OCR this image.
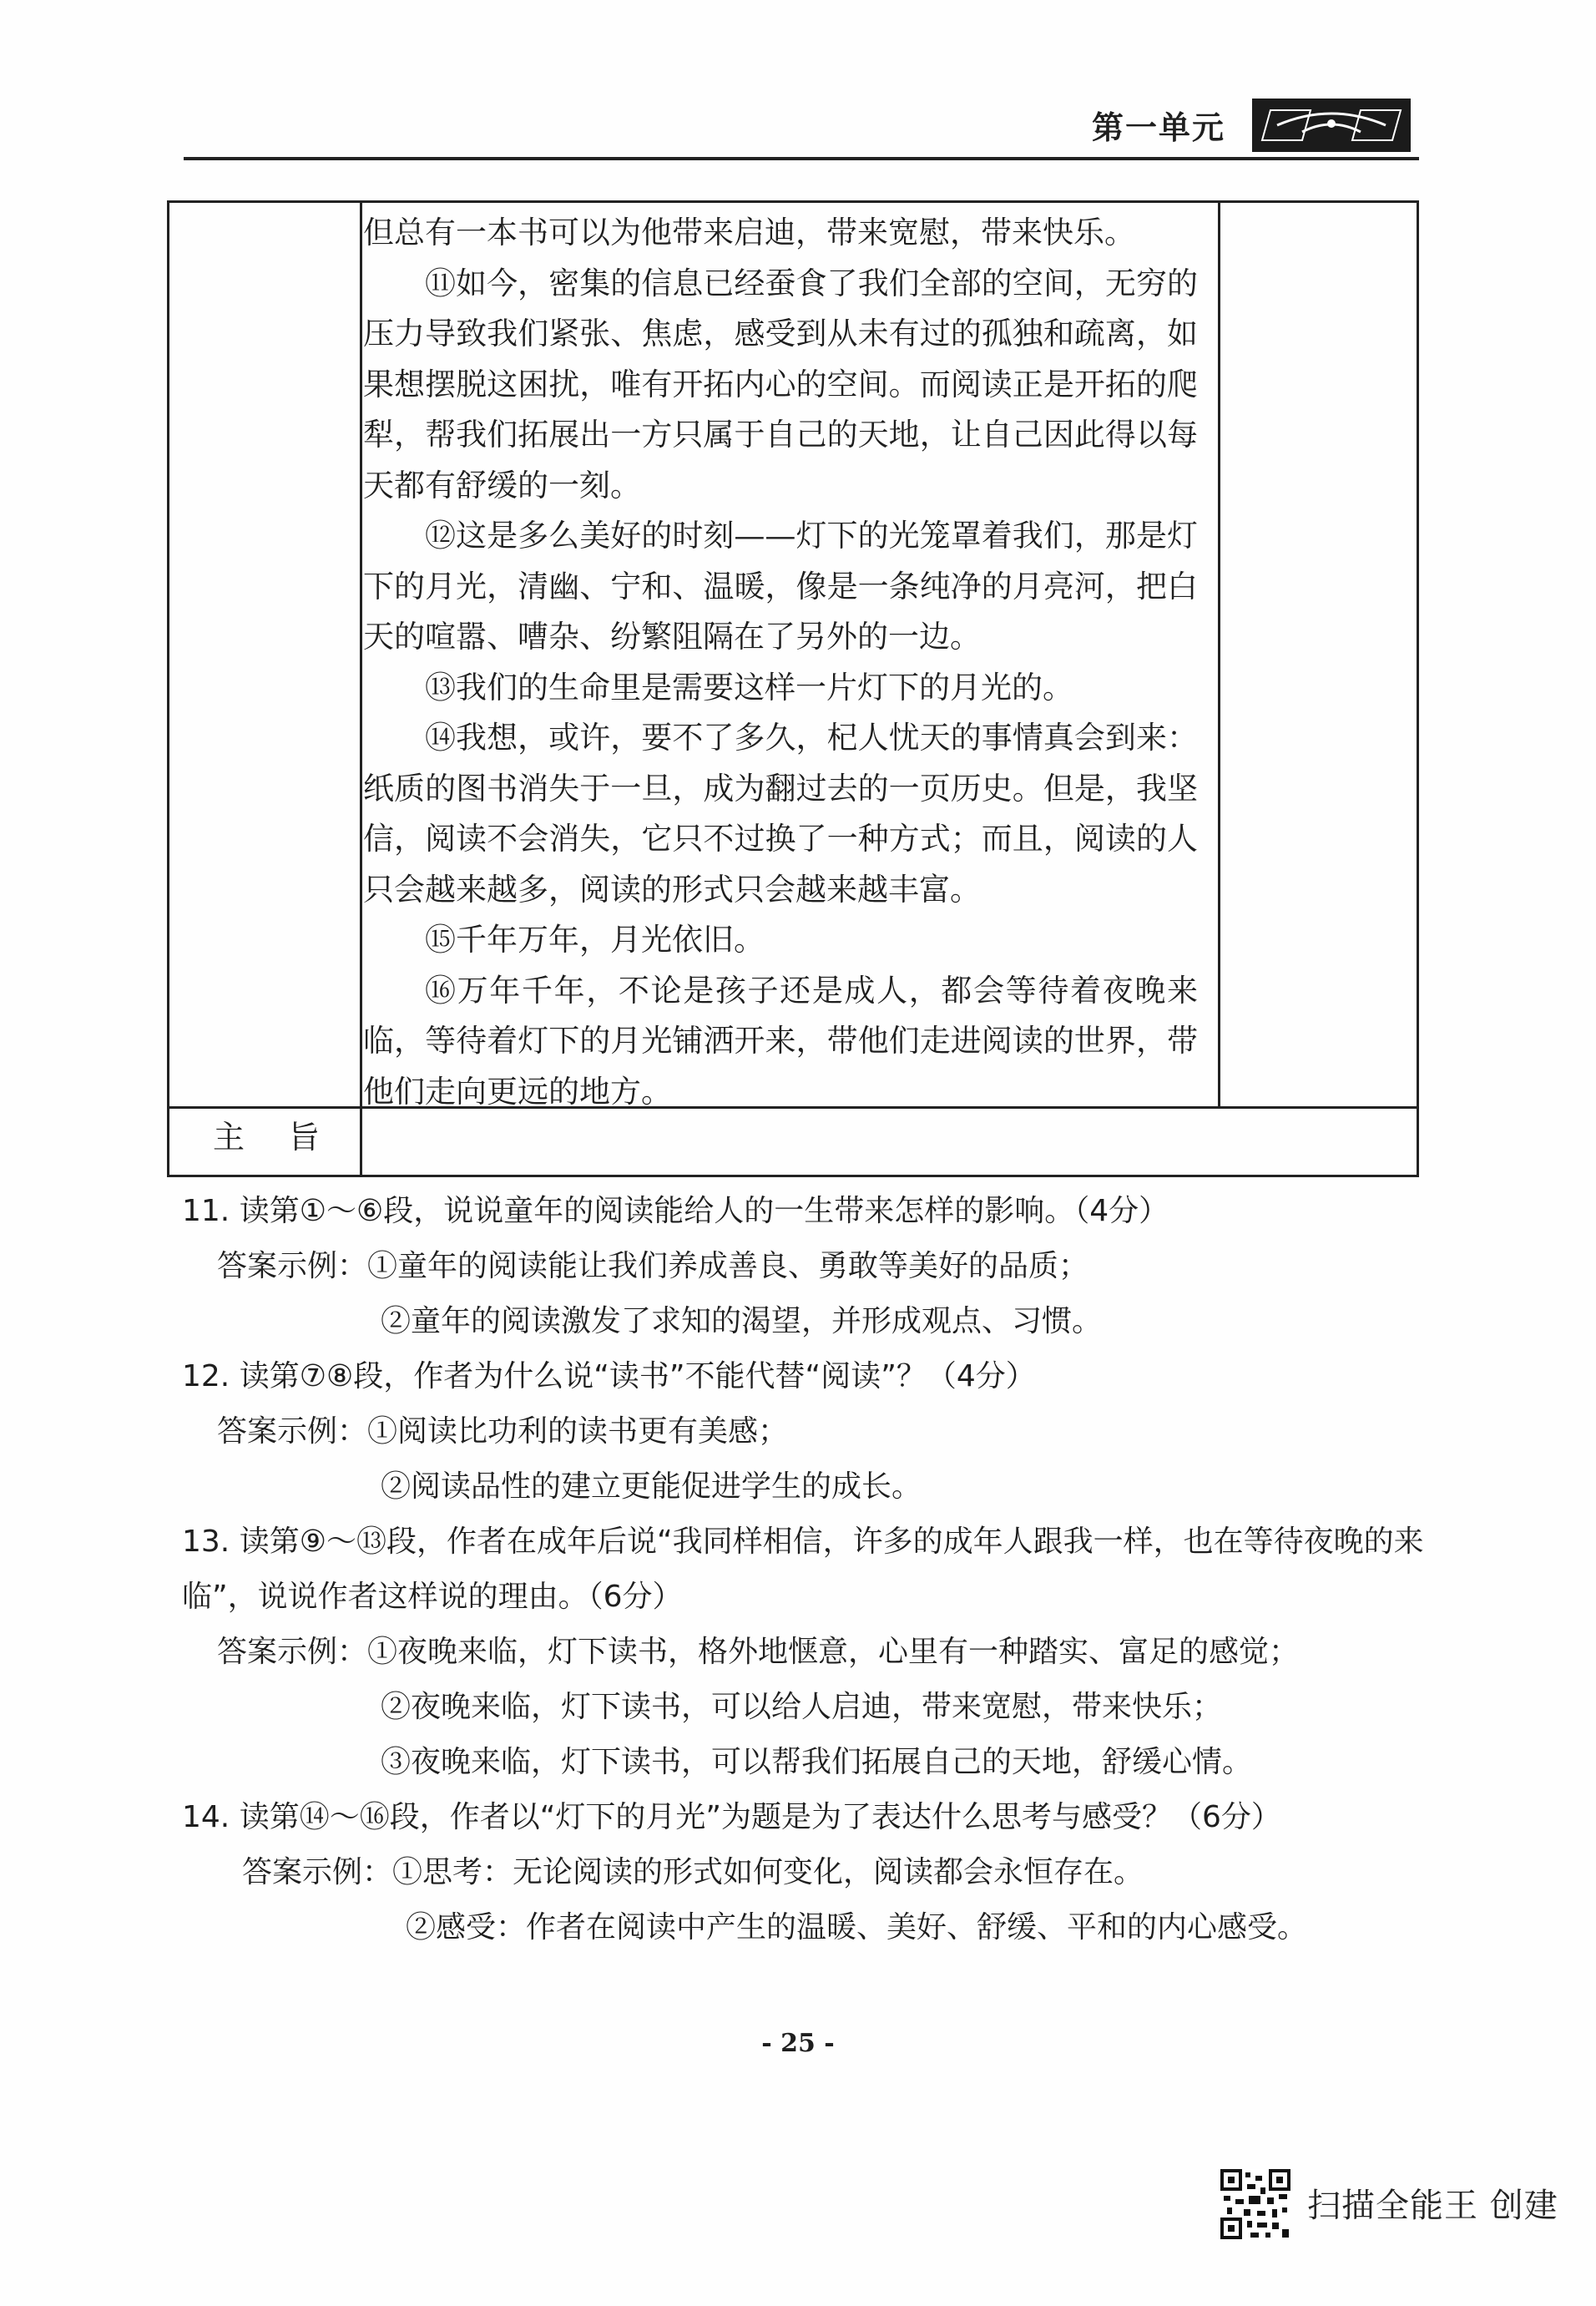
第一单元

但总有一本书可以为他带来启迪，带来宽慰，带来快乐。

⑪如今，密集的信息已经蚕食了我们全部的空间，无穷的压力导致我们紧张、焦虑，感受到从未有过的孤独和疏离，如果想摆脱这困扰，唯有开拓内心的空间。而阅读正是开拓的爬犁，帮我们拓展出一方只属于自己的天地，让自己因此得以每天都有舒缓的一刻。

⑫这是多么美好的时刻——灯下的光笼罩着我们，那是灯下的月光，清幽、宁和、温暖，像是一条纯净的月亮河，把白天的喧嚣、嘈杂、纷繁阻隔在了另外的一边。

⑬我们的生命里是需要这样一片灯下的月光的。

⑭我想，或许，要不了多久，杞人忧天的事情真会到来：纸质的图书消失于一旦，成为翻过去的一页历史。但是，我坚信，阅读不会消失，它只不过换了一种方式；而且，阅读的人只会越来越多，阅读的形式只会越来越丰富。

⑮千年万年，月光依旧。

⑯万年千年，不论是孩子还是成人，都会等待着夜晚来临，等待着灯下的月光铺洒开来，带他们走进阅读的世界，带他们走向更远的地方。

主旨

11. 读第①～⑥段，说说童年的阅读能给人的一生带来怎样的影响。（4分）

答案示例：①童年的阅读能让我们养成善良、勇敢等美好的品质；

②童年的阅读激发了求知的渴望，并形成观点、习惯。

12. 读第⑦⑧段，作者为什么说“读书”不能代替“阅读”？（4分）

答案示例：①阅读比功利的读书更有美感；

②阅读品性的建立更能促进学生的成长。

13. 读第⑨～⑬段，作者在成年后说“我同样相信，许多的成年人跟我一样，也在等待夜晚的来临”，说说作者这样说的理由。（6分）

答案示例：①夜晚来临，灯下读书，格外地惬意，心里有一种踏实、富足的感觉；

②夜晚来临，灯下读书，可以给人启迪，带来宽慰，带来快乐；

③夜晚来临，灯下读书，可以帮我们拓展自己的天地，舒缓心情。

14. 读第⑭～⑯段，作者以“灯下的月光”为题是为了表达什么思考与感受？（6分）

答案示例：①思考：无论阅读的形式如何变化，阅读都会永恒存在。

②感受：作者在阅读中产生的温暖、美好、舒缓、平和的内心感受。

- 25 -
扫描全能王 创建
